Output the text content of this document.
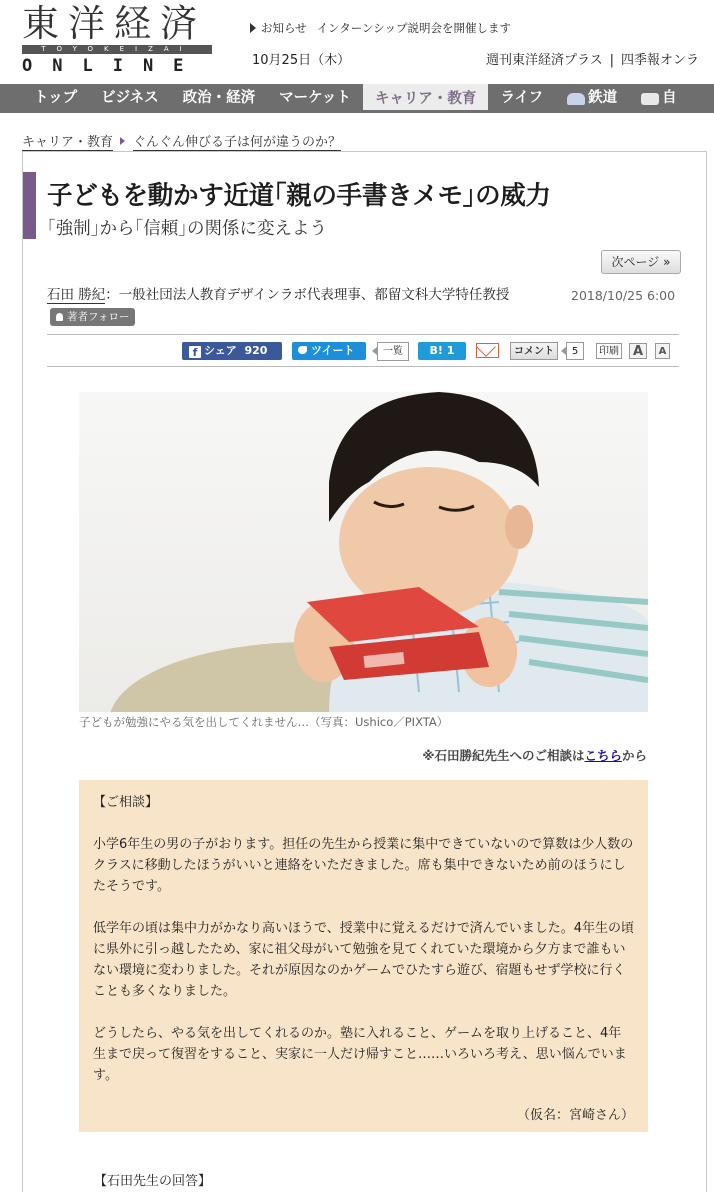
東洋経済
TOYOKEIZAI
ONLINE
お知らせ インターンシップ説明会を開催します
10月25日（木）	週刊東洋経済プラス | 四季報オンラ
トップ	ビジネス	政治・経済	マーケット	キャリア・教育	ライフ	鉄道	自
キャリア・教育 ぐんぐん伸びる子は何が違うのか？
子どもを動かす近道｢親の手書きメモ｣の威力
｢強制｣から｢信頼｣の関係に変えよう
次ページ »
石田 勝紀：一般社団法人教育デザインラボ代表理事、都留文科大学特任教授 著者フォロー
2018/10/25 6:00
f シェア 920	ツイート	一覧	B! 1	コメント	5	印刷	A	A
子どもが勉強にやる気を出してくれません…（写真：Ushico／PIXTA）
※石田勝紀先生へのご相談はこちらから

【ご相談】

小学6年生の男の子がおります。担任の先生から授業に集中できていないので算数は少人数のクラスに移動したほうがいいと連絡をいただきました。席も集中できないため前のほうにしたそうです。

低学年の頃は集中力がかなり高いほうで、授業中に覚えるだけで済んでいました。4年生の頃に県外に引っ越したため、家に祖父母がいて勉強を見てくれていた環境から夕方まで誰もいない環境に変わりました。それが原因なのかゲームでひたすら遊び、宿題もせず学校に行くことも多くなりました。

どうしたら、やる気を出してくれるのか。塾に入れること、ゲームを取り上げること、4年生まで戻って復習をすること、実家に一人だけ帰すこと……いろいろ考え、思い悩んでいます。

（仮名：宮崎さん）
【石田先生の回答】
